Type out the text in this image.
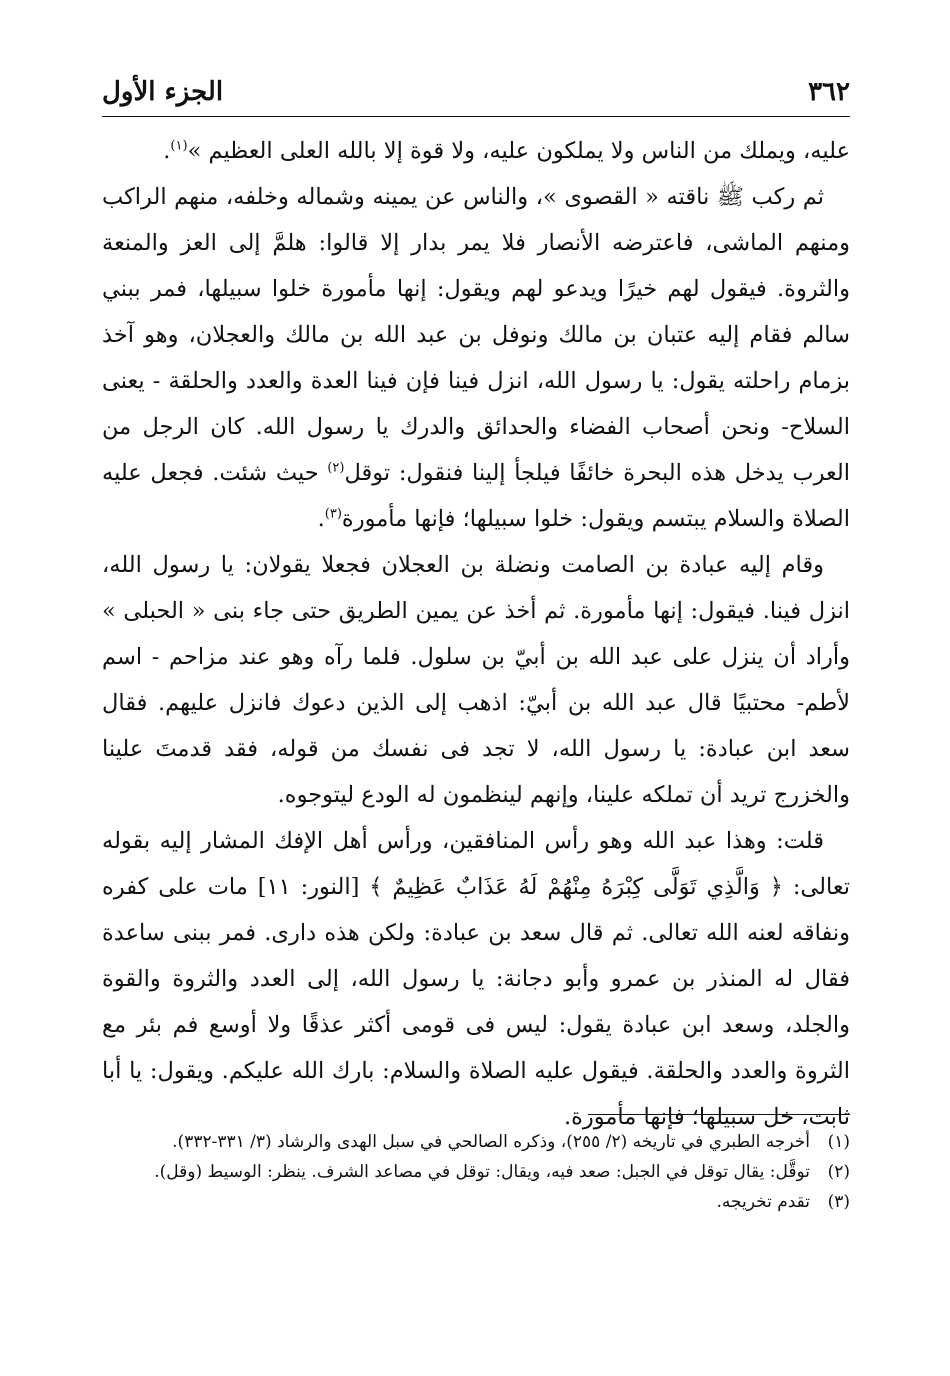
٣٦٢
الجزء الأول

عليه، ويملك من الناس ولا يملكون عليه، ولا قوة إلا بالله العلى العظيم »$^{(١)}$.

ثم ركب ﷺ ناقته « القصوى »، والناس عن يمينه وشماله وخلفه، منهم الراكب ومنهم الماشى، فاعترضه الأنصار فلا يمر بدار إلا قالوا: هلمَّ إلى العز والمنعة والثروة. فيقول لهم خيرًا ويدعو لهم ويقول: إنها مأمورة خلوا سبيلها، فمر ببني سالم فقام إليه عتبان بن مالك ونوفل بن عبد الله بن مالك والعجلان، وهو آخذ بزمام راحلته يقول: يا رسول الله، انزل فينا فإن فينا العدة والعدد والحلقة - يعنى السلاح- ونحن أصحاب الفضاء والحدائق والدرك يا رسول الله. كان الرجل من العرب يدخل هذه البحرة خائفًا فيلجأ إلينا فنقول: توقل$^{(٢)}$ حيث شئت. فجعل عليه الصلاة والسلام يبتسم ويقول: خلوا سبيلها؛ فإنها مأمورة$^{(٣)}$.

وقام إليه عبادة بن الصامت ونضلة بن العجلان فجعلا يقولان: يا رسول الله، انزل فينا. فيقول: إنها مأمورة. ثم أخذ عن يمين الطريق حتى جاء بنى « الحبلى » وأراد أن ينزل على عبد الله بن أبيّ بن سلول. فلما رآه وهو عند مزاحم - اسم لأطم- محتبيًا قال عبد الله بن أبيّ: اذهب إلى الذين دعوك فانزل عليهم. فقال سعد ابن عبادة: يا رسول الله، لا تجد فى نفسك من قوله، فقد قدمتَ علينا والخزرج تريد أن تملكه علينا، وإنهم لينظمون له الودع ليتوجوه.

قلت: وهذا عبد الله وهو رأس المنافقين، ورأس أهل الإفك المشار إليه بقوله تعالى: ﴿ وَالَّذِي تَوَلَّى كِبْرَهُ مِنْهُمْ لَهُ عَذَابٌ عَظِيمٌ ﴾ [النور: ١١] مات على كفره ونفاقه لعنه الله تعالى. ثم قال سعد بن عبادة: ولكن هذه دارى. فمر ببنى ساعدة فقال له المنذر بن عمرو وأبو دجانة: يا رسول الله، إلى العدد والثروة والقوة والجلد، وسعد ابن عبادة يقول: ليس فى قومى أكثر عذقًا ولا أوسع فم بئر مع الثروة والعدد والحلقة. فيقول عليه الصلاة والسلام: بارك الله عليكم. ويقول: يا أبا ثابت، خل سبيلها؛ فإنها مأمورة.

(١)
أخرجه الطبري في تاريخه (٢/ ٢٥٥)، وذكره الصالحي في سبل الهدى والرشاد (٣/ ٣٣١-٣٣٢).
(٢)
توقَّل: يقال توقل في الجبل: صعد فيه، ويقال: توقل في مصاعد الشرف. ينظر: الوسيط (وقل).
(٣)
تقدم تخريجه.
